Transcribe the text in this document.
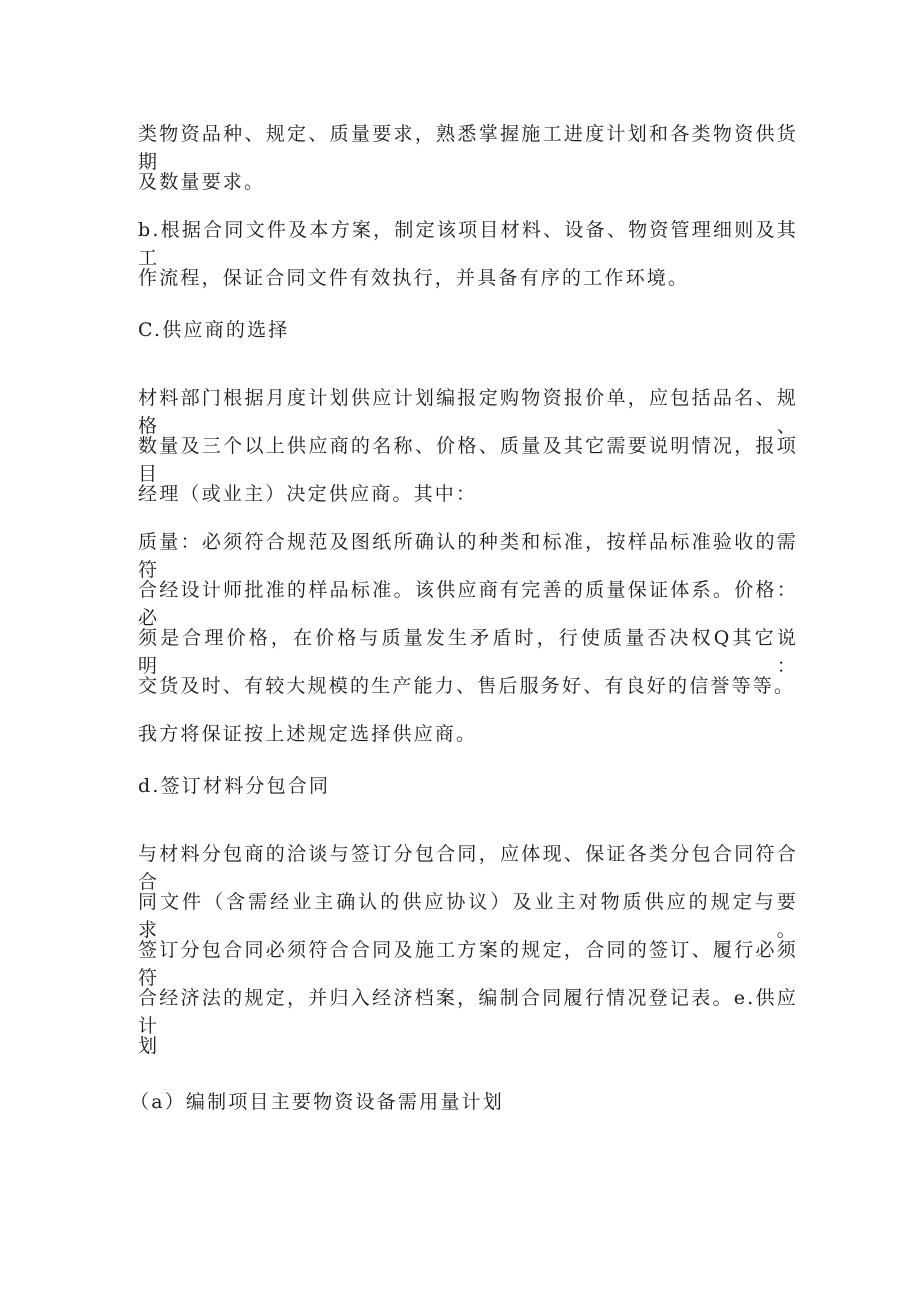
类物资品种、规定、质量要求，熟悉掌握施工进度计划和各类物资供货期
及数量要求。
b.根据合同文件及本方案，制定该项目材料、设备、物资管理细则及其工
作流程，保证合同文件有效执行，并具备有序的工作环境。
C.供应商的选择
材料部门根据月度计划供应计划编报定购物资报价单，应包括品名、规格、
数量及三个以上供应商的名称、价格、质量及其它需要说明情况，报项目
经理（或业主）决定供应商。其中：
质量：必须符合规范及图纸所确认的种类和标准，按样品标准验收的需符
合经设计师批准的样品标准。该供应商有完善的质量保证体系。价格：必
须是合理价格，在价格与质量发生矛盾时，行使质量否决权Q其它说明：
交货及时、有较大规模的生产能力、售后服务好、有良好的信誉等等。
我方将保证按上述规定选择供应商。
d.签订材料分包合同
与材料分包商的洽谈与签订分包合同，应体现、保证各类分包合同符合合
同文件（含需经业主确认的供应协议）及业主对物质供应的规定与要求。
签订分包合同必须符合合同及施工方案的规定，合同的签订、履行必须符
合经济法的规定，并归入经济档案，编制合同履行情况登记表。e.供应计
划
（a）编制项目主要物资设备需用量计划
